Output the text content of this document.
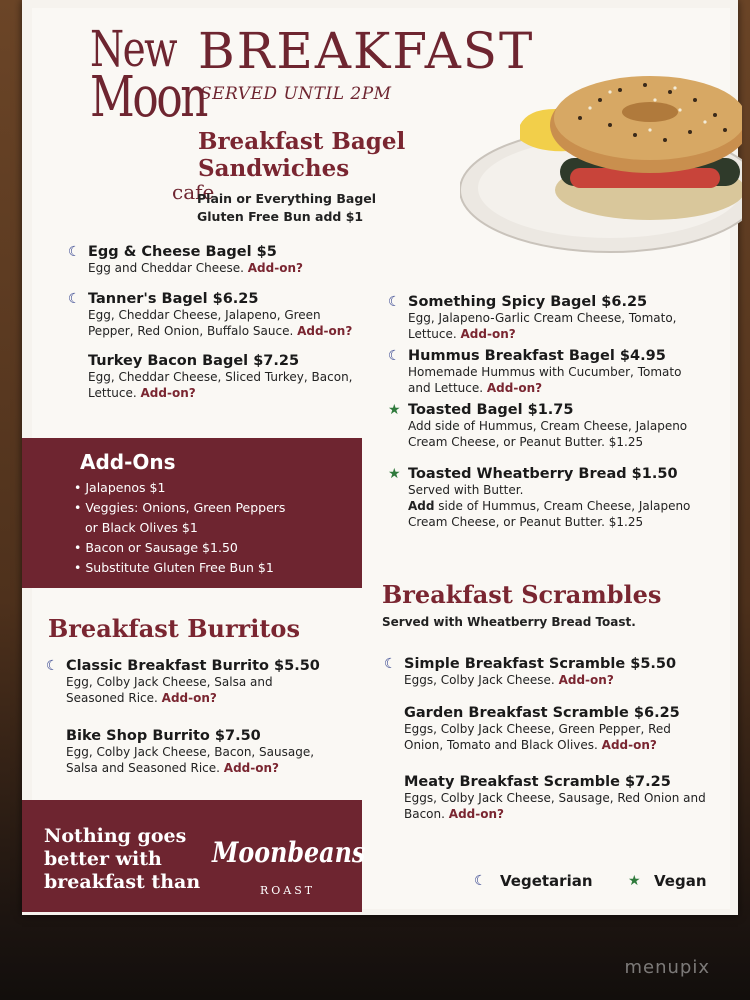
New
Moon
cafe
BREAKFAST
SERVED UNTIL 2PM
Breakfast Bagel Sandwiches
Plain or Everything Bagel
Gluten Free Bun add $1
☾ Egg & Cheese Bagel $5
Egg and Cheddar Cheese. Add-on?
☾ Tanner's Bagel $6.25
Egg, Cheddar Cheese, Jalapeno, Green Pepper, Red Onion, Buffalo Sauce. Add-on?
Turkey Bacon Bagel $7.25
Egg, Cheddar Cheese, Sliced Turkey, Bacon, Lettuce. Add-on?
☾ Something Spicy Bagel $6.25
Egg, Jalapeno-Garlic Cream Cheese, Tomato, Lettuce. Add-on?
☾ Hummus Breakfast Bagel $4.95
Homemade Hummus with Cucumber, Tomato and Lettuce. Add-on?
★ Toasted Bagel $1.75
Add side of Hummus, Cream Cheese, Jalapeno Cream Cheese, or Peanut Butter. $1.25
★ Toasted Wheatberry Bread $1.50
Served with Butter.
Add side of Hummus, Cream Cheese, Jalapeno Cream Cheese, or Peanut Butter. $1.25
Add-Ons
• Jalapenos $1
• Veggies: Onions, Green Peppers
or Black Olives $1
• Bacon or Sausage $1.50
• Substitute Gluten Free Bun $1
Breakfast Burritos
☾ Classic Breakfast Burrito $5.50
Egg, Colby Jack Cheese, Salsa and Seasoned Rice. Add-on?
Bike Shop Burrito $7.50
Egg, Colby Jack Cheese, Bacon, Sausage, Salsa and Seasoned Rice. Add-on?
Breakfast Scrambles
Served with Wheatberry Bread Toast.
☾ Simple Breakfast Scramble $5.50
Eggs, Colby Jack Cheese. Add-on?
Garden Breakfast Scramble $6.25
Eggs, Colby Jack Cheese, Green Pepper, Red Onion, Tomato and Black Olives. Add-on?
Meaty Breakfast Scramble $7.25
Eggs, Colby Jack Cheese, Sausage, Red Onion and Bacon. Add-on?
Nothing goes
better with
breakfast than
Moonbeans
ROAST
☾ Vegetarian	★ Vegan
menupix
